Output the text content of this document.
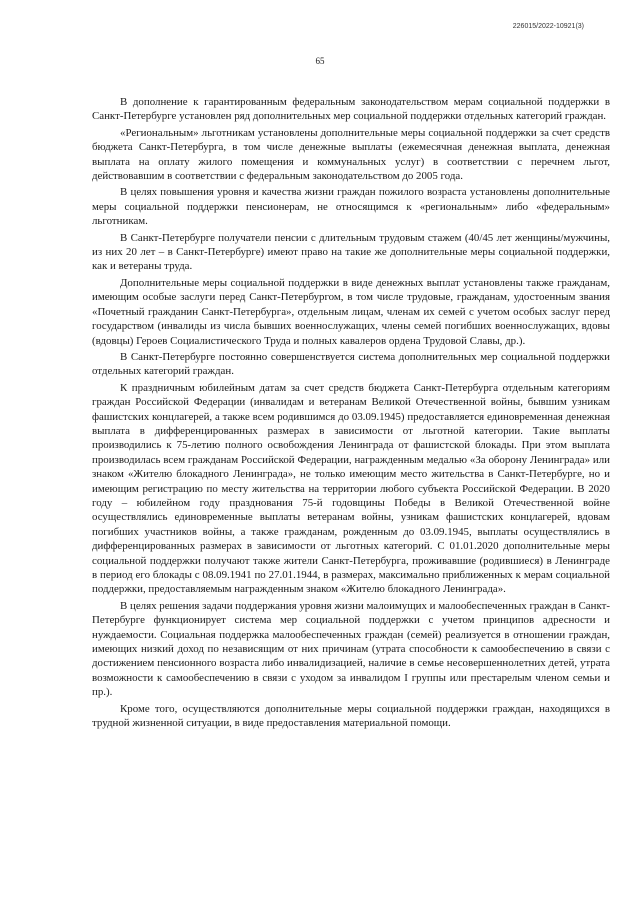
226015/2022-10921(3)
65

В дополнение к гарантированным федеральным законодательством мерам социальной поддержки в Санкт-Петербурге установлен ряд дополнительных мер социальной поддержки отдельных категорий граждан.

«Региональным» льготникам установлены дополнительные меры социальной поддержки за счет средств бюджета Санкт-Петербурга, в том числе денежные выплаты (ежемесячная денежная выплата, денежная выплата на оплату жилого помещения и коммунальных услуг) в соответствии с перечнем льгот, действовавшим в соответствии с федеральным законодательством до 2005 года.

В целях повышения уровня и качества жизни граждан пожилого возраста установлены дополнительные меры социальной поддержки пенсионерам, не относящимся к «региональным» либо «федеральным» льготникам.

В Санкт-Петербурге получатели пенсии с длительным трудовым стажем (40/45 лет женщины/мужчины, из них 20 лет – в Санкт-Петербурге) имеют право на такие же дополнительные меры социальной поддержки, как и ветераны труда.

Дополнительные меры социальной поддержки в виде денежных выплат установлены также гражданам, имеющим особые заслуги перед Санкт-Петербургом, в том числе трудовые, гражданам, удостоенным звания «Почетный гражданин Санкт-Петербурга», отдельным лицам, членам их семей с учетом особых заслуг перед государством (инвалиды из числа бывших военнослужащих, члены семей погибших военнослужащих, вдовы (вдовцы) Героев Социалистического Труда и полных кавалеров ордена Трудовой Славы, др.).

В Санкт-Петербурге постоянно совершенствуется система дополнительных мер социальной поддержки отдельных категорий граждан.

К праздничным юбилейным датам за счет средств бюджета Санкт-Петербурга отдельным категориям граждан Российской Федерации (инвалидам и ветеранам Великой Отечественной войны, бывшим узникам фашистских концлагерей, а также всем родившимся до 03.09.1945) предоставляется единовременная денежная выплата в дифференцированных размерах в зависимости от льготной категории. Такие выплаты производились к 75-летию полного освобождения Ленинграда от фашистской блокады. При этом выплата производилась всем гражданам Российской Федерации, награжденным медалью «За оборону Ленинграда» или знаком «Жителю блокадного Ленинграда», не только имеющим место жительства в Санкт-Петербурге, но и имеющим регистрацию по месту жительства на территории любого субъекта Российской Федерации. В 2020 году – юбилейном году празднования 75-й годовщины Победы в Великой Отечественной войне осуществлялись единовременные выплаты ветеранам войны, узникам фашистских концлагерей, вдовам погибших участников войны, а также гражданам, рожденным до 03.09.1945, выплаты осуществлялись в дифференцированных размерах в зависимости от льготных категорий. С 01.01.2020 дополнительные меры социальной поддержки получают также жители Санкт-Петербурга, проживавшие (родившиеся) в Ленинграде в период его блокады с 08.09.1941 по 27.01.1944, в размерах, максимально приближенных к мерам социальной поддержки, предоставляемым награжденным знаком «Жителю блокадного Ленинграда».

В целях решения задачи поддержания уровня жизни малоимущих и малообеспеченных граждан в Санкт-Петербурге функционирует система мер социальной поддержки с учетом принципов адресности и нуждаемости. Социальная поддержка малообеспеченных граждан (семей) реализуется в отношении граждан, имеющих низкий доход по независящим от них причинам (утрата способности к самообеспечению в связи с достижением пенсионного возраста либо инвалидизацией, наличие в семье несовершеннолетних детей, утрата возможности к самообеспечению в связи с уходом за инвалидом I группы или престарелым членом семьи и пр.).

Кроме того, осуществляются дополнительные меры социальной поддержки граждан, находящихся в трудной жизненной ситуации, в виде предоставления материальной помощи.
